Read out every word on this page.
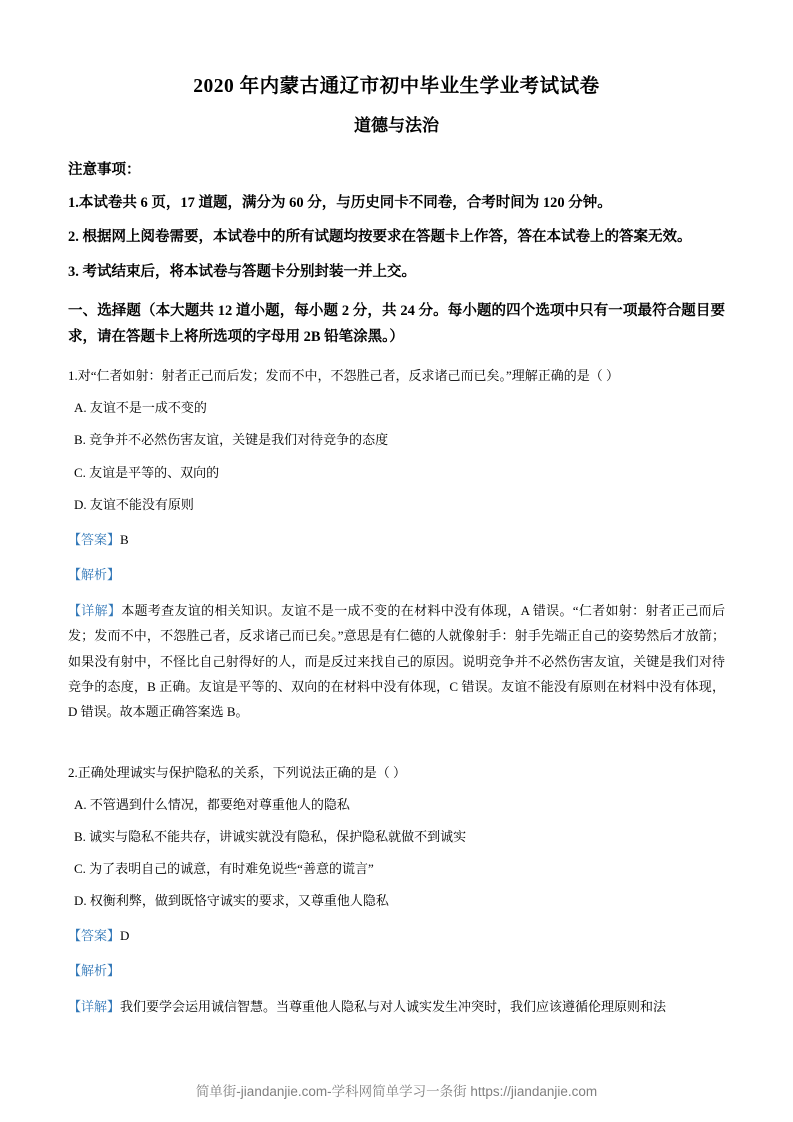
2020 年内蒙古通辽市初中毕业生学业考试试卷
道德与法治
注意事项：
1.本试卷共 6 页，17 道题，满分为 60 分，与历史同卡不同卷，合考时间为 120 分钟。
2. 根据网上阅卷需要，本试卷中的所有试题均按要求在答题卡上作答，答在本试卷上的答案无效。
3. 考试结束后，将本试卷与答题卡分别封装一并上交。
一、选择题（本大题共 12 道小题，每小题 2 分，共 24 分。每小题的四个选项中只有一项最符合题目要求，请在答题卡上将所选项的字母用 2B 铅笔涂黑。）
1.对“仁者如射：射者正己而后发；发而不中，不怨胜己者，反求诸己而已矣。”理解正确的是（ ）
A. 友谊不是一成不变的
B. 竞争并不必然伤害友谊，关键是我们对待竞争的态度
C. 友谊是平等的、双向的
D. 友谊不能没有原则
【答案】B
【解析】
【详解】本题考查友谊的相关知识。友谊不是一成不变的在材料中没有体现，A 错误。“仁者如射：射者正己而后发；发而不中，不怨胜己者，反求诸己而已矣。”意思是有仁德的人就像射手：射手先端正自己的姿势然后才放箭；如果没有射中，不怪比自己射得好的人，而是反过来找自己的原因。说明竞争并不必然伤害友谊，关键是我们对待竞争的态度，B 正确。友谊是平等的、双向的在材料中没有体现，C 错误。友谊不能没有原则在材料中没有体现，D 错误。故本题正确答案选 B。
2.正确处理诚实与保护隐私的关系，下列说法正确的是（ ）
A. 不管遇到什么情况，都要绝对尊重他人的隐私
B. 诚实与隐私不能共存，讲诚实就没有隐私，保护隐私就做不到诚实
C. 为了表明自己的诚意，有时难免说些“善意的谎言”
D. 权衡利弊，做到既恪守诚实的要求，又尊重他人隐私
【答案】D
【解析】
【详解】我们要学会运用诚信智慧。当尊重他人隐私与对人诚实发生冲突时，我们应该遵循伦理原则和法
简单街-jiandanjie.com-学科网简单学习一条街 https://jiandanjie.com
